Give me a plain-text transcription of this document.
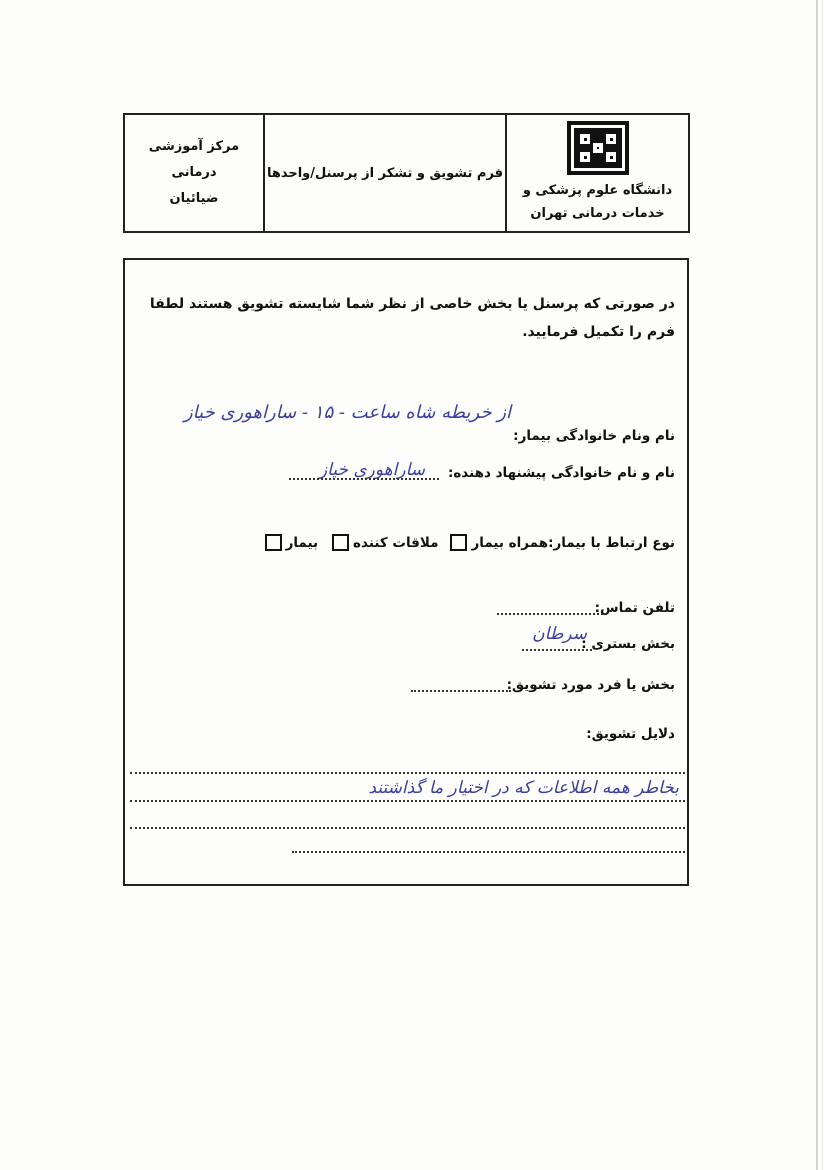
مرکز آموزشی درمانی
ضیائیان
فرم تشویق و تشکر از پرسنل/واحدها
دانشگاه علوم پزشکی و
خدمات درمانی تهران
در صورتی که پرسنل یا بخش خاصی از نظر شما شایسته تشویق هستند لطفا فرم را تکمیل فرمایید.
نام ونام خانوادگی بیمار:
از خریطه شاه ساعت - ۱۵ - ساراهوری خیاز
نام و نام خانوادگی پیشنهاد دهنده:
ساراهوری خیاز
نوع ارتباط با بیمار:
همراه بیمار
ملاقات کننده
بیمار
تلفن تماس:
بخش بستری :
سرطان
بخش یا فرد مورد تشویق:
دلایل تشویق:
بخاطر همه اطلاعات که در اختیار ما گذاشتند
